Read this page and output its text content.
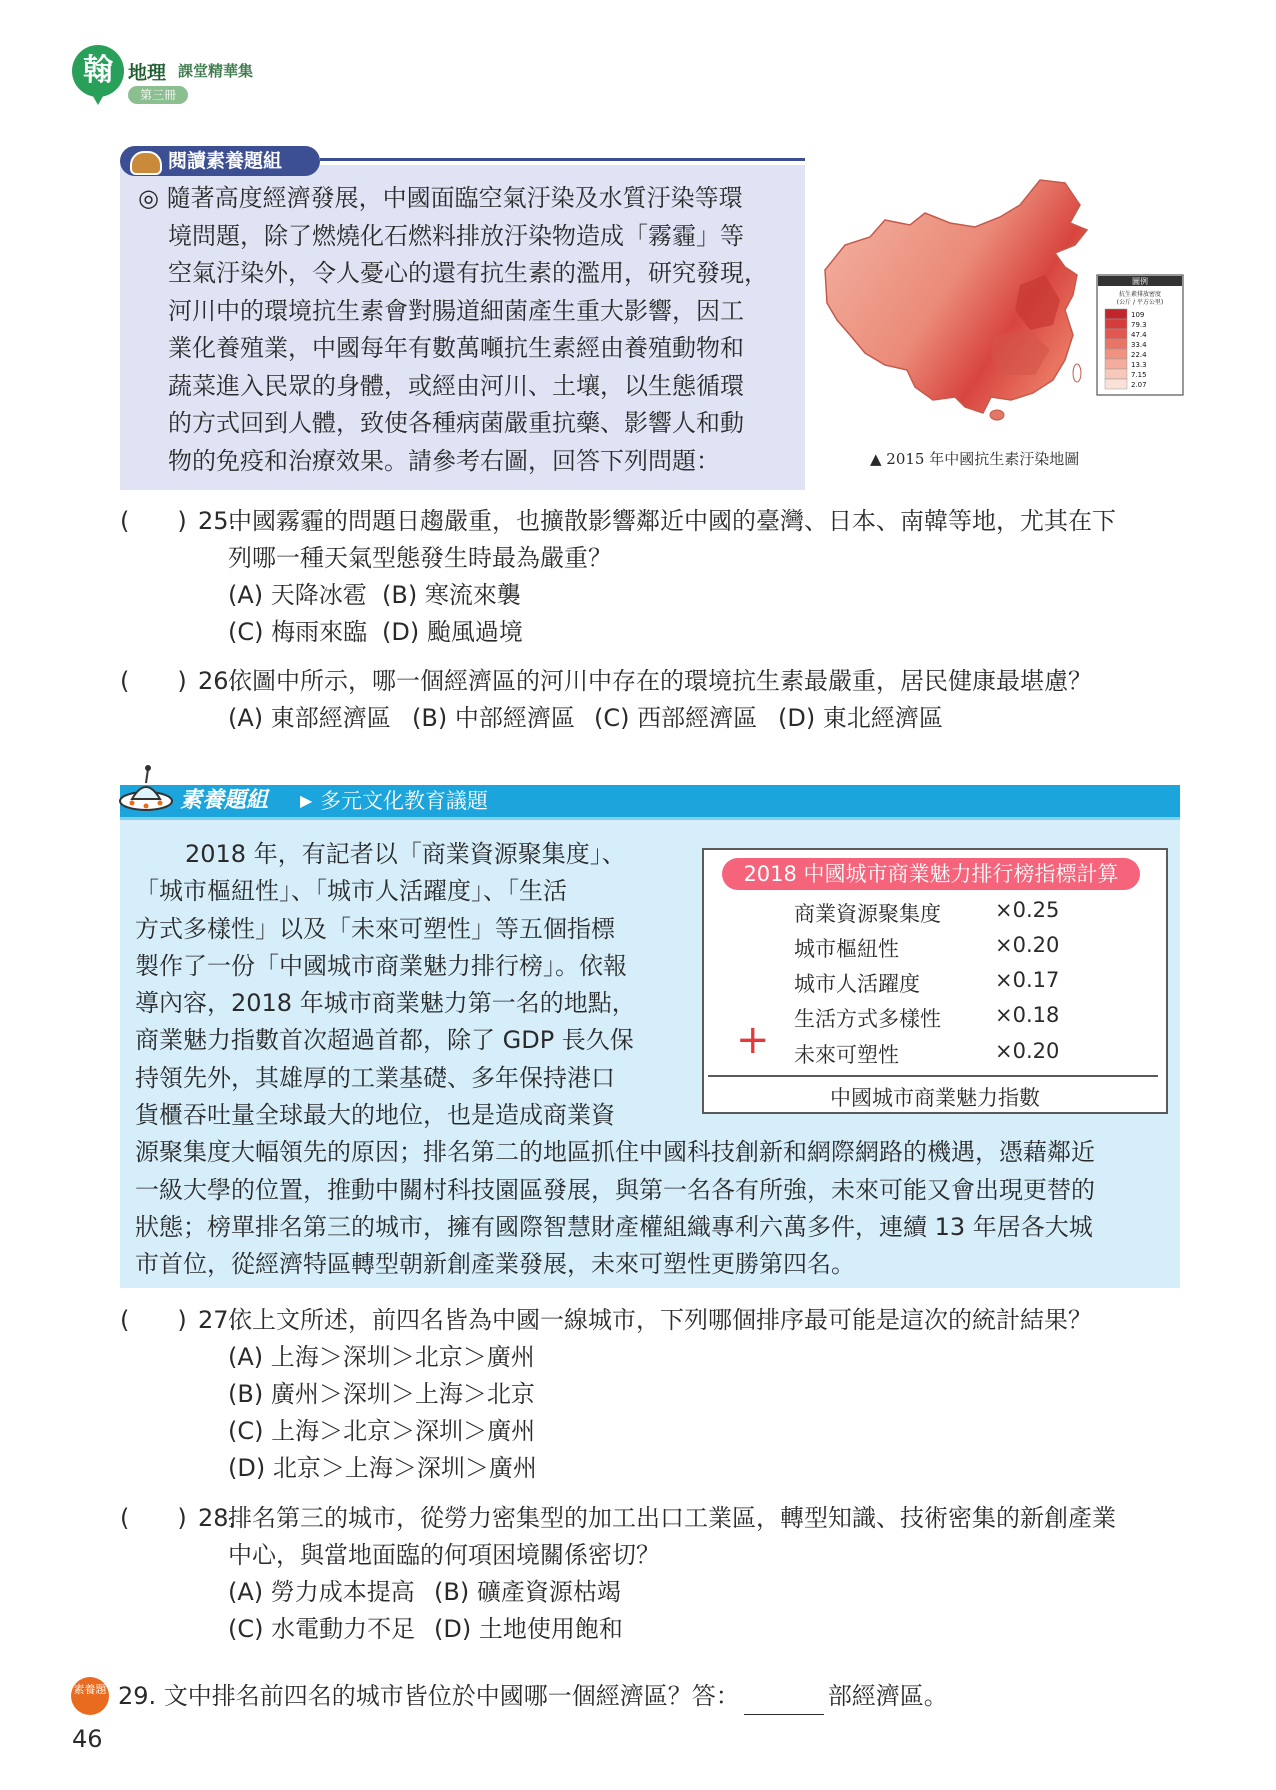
翰 地理 課堂精華集
第三冊
閱讀素養題組
◎ 隨著高度經濟發展，中國面臨空氣汙染及水質汙染等環
境問題，除了燃燒化石燃料排放汙染物造成「霧霾」等
空氣汙染外，令人憂心的還有抗生素的濫用，研究發現，
河川中的環境抗生素會對腸道細菌產生重大影響，因工
業化養殖業，中國每年有數萬噸抗生素經由養殖動物和
蔬菜進入民眾的身體，或經由河川、土壤，以生態循環
的方式回到人體，致使各種病菌嚴重抗藥、影響人和動
物的免疫和治療效果。請參考右圖，回答下列問題：
圖例
抗生素排放密度
(公斤 / 平方公里)
109
79.3
47.4
33.4
22.4
13.3
7.15
2.07
▲ 2015 年中國抗生素汙染地圖
(　　) 25.
中國霧霾的問題日趨嚴重，也擴散影響鄰近中國的臺灣、日本、南韓等地，尤其在下
列哪一種天氣型態發生時最為嚴重？
(A) 天降冰雹 (B) 寒流來襲
(C) 梅雨來臨 (D) 颱風過境
(　　) 26.
依圖中所示，哪一個經濟區的河川中存在的環境抗生素最嚴重，居民健康最堪慮？
(A) 東部經濟區 (B) 中部經濟區 (C) 西部經濟區 (D) 東北經濟區
素養題組 ▶ 多元文化教育議題

2018 年，有記者以「商業資源聚集度」、

「城市樞紐性」、「城市人活躍度」、「生活

方式多樣性」以及「未來可塑性」等五個指標

製作了一份「中國城市商業魅力排行榜」。依報

導內容，2018 年城市商業魅力第一名的地點，

商業魅力指數首次超過首都，除了 GDP 長久保

持領先外，其雄厚的工業基礎、多年保持港口

貨櫃吞吐量全球最大的地位，也是造成商業資

源聚集度大幅領先的原因；排名第二的地區抓住中國科技創新和網際網路的機遇，憑藉鄰近

一級大學的位置，推動中關村科技園區發展，與第一名各有所強，未來可能又會出現更替的

狀態；榜單排名第三的城市，擁有國際智慧財產權組織專利六萬多件，連續 13 年居各大城

市首位，從經濟特區轉型朝新創產業發展，未來可塑性更勝第四名。

2018 中國城市商業魅力排行榜指標計算
商業資源聚集度	×0.25
城市樞紐性	×0.20
城市人活躍度	×0.17
生活方式多樣性	×0.18
未來可塑性	×0.20
+
中國城市商業魅力指數
(　　) 27.
依上文所述，前四名皆為中國一線城市，下列哪個排序最可能是這次的統計結果？
(A) 上海＞深圳＞北京＞廣州
(B) 廣州＞深圳＞上海＞北京
(C) 上海＞北京＞深圳＞廣州
(D) 北京＞上海＞深圳＞廣州
(　　) 28.
排名第三的城市，從勞力密集型的加工出口工業區，轉型知識、技術密集的新創產業
中心，與當地面臨的何項困境關係密切？
(A) 勞力成本提高 (B) 礦產資源枯竭
(C) 水電動力不足 (D) 土地使用飽和
素養題 29. 文中排名前四名的城市皆位於中國哪一個經濟區？答：	部經濟區。
46
